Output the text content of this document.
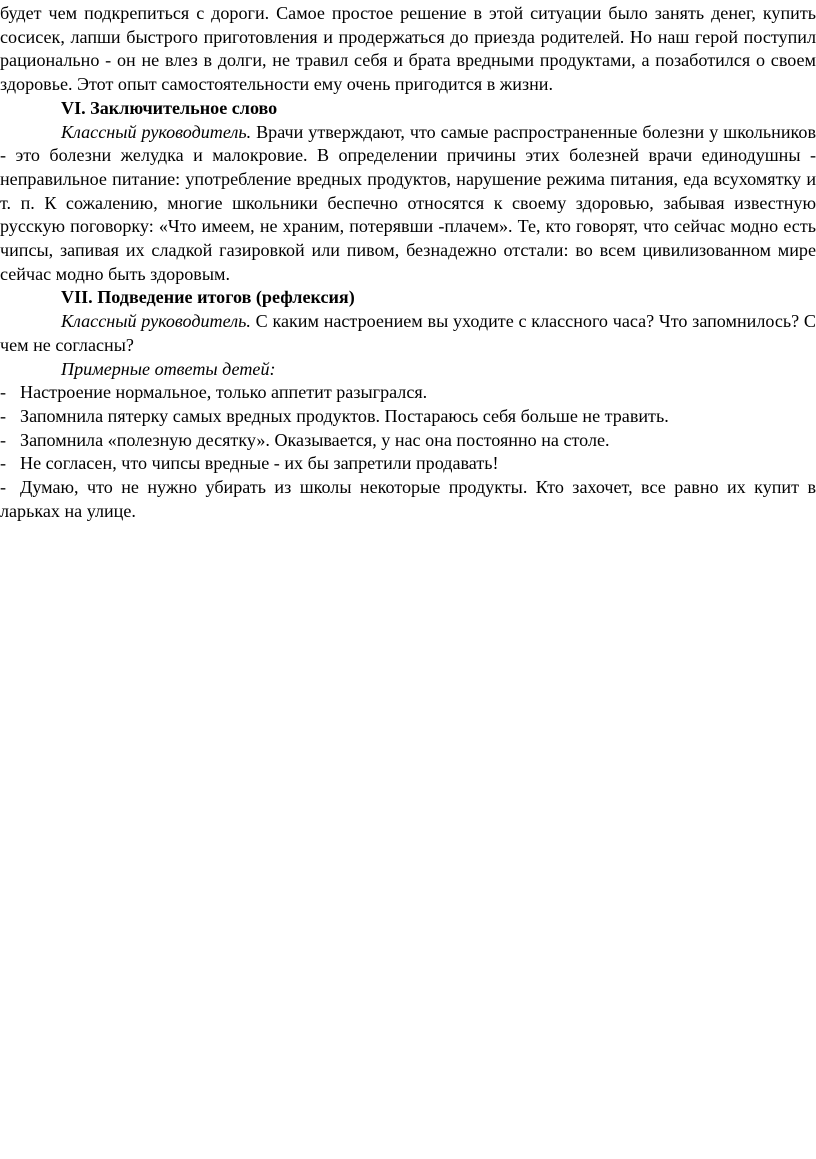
будет чем подкрепиться с дороги. Самое простое решение в этой ситуации было занять денег, купить сосисек, лапши быстрого приготовления и продержаться до приезда родителей. Но наш герой поступил рационально - он не влез в долги, не травил себя и брата вредными продуктами, а позаботился о своем здоровье. Этот опыт самостоятельности ему очень пригодится в жизни.

VI. Заключительное слово

Классный руководитель. Врачи утверждают, что самые распространенные болезни у школьников - это болезни желудка и малокровие. В определении причины этих болезней врачи единодушны - неправильное питание: употребление вредных продуктов, нарушение режима питания, еда всухомятку и т. п. К сожалению, многие школьники беспечно относятся к своему здоровью, забывая известную русскую поговорку: «Что имеем, не храним, потерявши -плачем». Те, кто говорят, что сейчас модно есть чипсы, запивая их сладкой газировкой или пивом, безнадежно отстали: во всем цивилизованном мире сейчас модно быть здоровым.

VII. Подведение итогов (рефлексия)

Классный руководитель. С каким настроением вы уходите с классного часа? Что запомнилось? С чем не согласны?

Примерные ответы детей:

- Настроение нормальное, только аппетит разыгрался.

- Запомнила пятерку самых вредных продуктов. Постараюсь себя больше не травить.

- Запомнила «полезную десятку». Оказывается, у нас она постоянно на столе.

- Не согласен, что чипсы вредные - их бы запретили продавать!

- Думаю, что не нужно убирать из школы некоторые продукты. Кто захочет, все равно их купит в ларьках на улице.
